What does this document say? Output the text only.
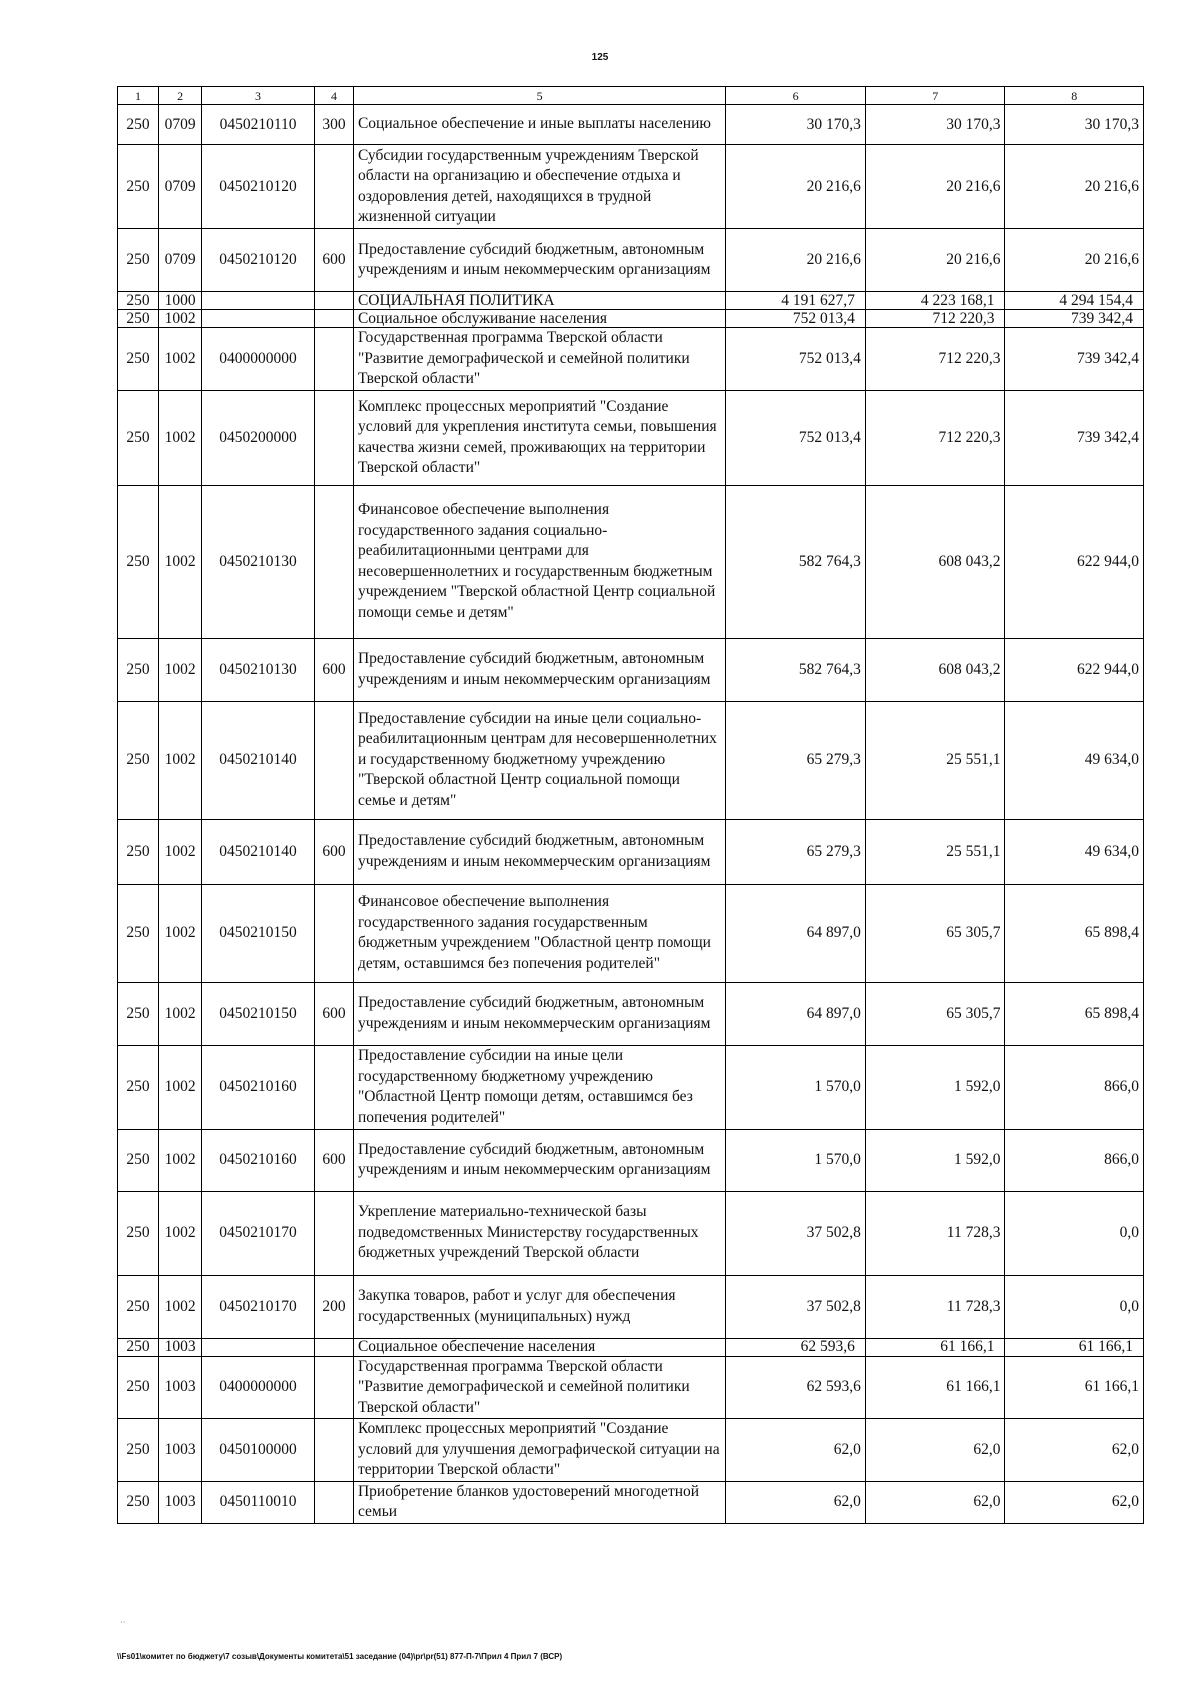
125
1	2	3	4	5	6	7	8
250	0709	0450210110	300	Социальное обеспечение и иные выплаты населению	30 170,3	30 170,3	30 170,3
250	0709	0450210120		Субсидии государственным учреждениям Тверской области на организацию и обеспечение отдыха и оздоровления детей, находящихся в трудной жизненной ситуации	20 216,6	20 216,6	20 216,6
250	0709	0450210120	600	Предоставление субсидий бюджетным, автономным учреждениям и иным некоммерческим организациям	20 216,6	20 216,6	20 216,6
250	1000			СОЦИАЛЬНАЯ ПОЛИТИКА	4 191 627,7	4 223 168,1	4 294 154,4
250	1002			Социальное обслуживание населения	752 013,4	712 220,3	739 342,4
250	1002	0400000000		Государственная программа Тверской области "Развитие демографической и семейной политики Тверской области"	752 013,4	712 220,3	739 342,4
250	1002	0450200000		Комплекс процессных мероприятий "Создание условий для укрепления института семьи, повышения качества жизни семей, проживающих на территории Тверской области"	752 013,4	712 220,3	739 342,4
250	1002	0450210130		Финансовое обеспечение выполнения государственного задания социально-реабилитационными центрами для несовершеннолетних и государственным бюджетным учреждением "Тверской областной Центр социальной помощи семье и детям"	582 764,3	608 043,2	622 944,0
250	1002	0450210130	600	Предоставление субсидий бюджетным, автономным учреждениям и иным некоммерческим организациям	582 764,3	608 043,2	622 944,0
250	1002	0450210140		Предоставление субсидии на иные цели социально-реабилитационным центрам для несовершеннолетних и государственному бюджетному учреждению "Тверской областной Центр социальной помощи семье и детям"	65 279,3	25 551,1	49 634,0
250	1002	0450210140	600	Предоставление субсидий бюджетным, автономным учреждениям и иным некоммерческим организациям	65 279,3	25 551,1	49 634,0
250	1002	0450210150		Финансовое обеспечение выполнения государственного задания государственным бюджетным учреждением "Областной центр помощи детям, оставшимся без попечения родителей"	64 897,0	65 305,7	65 898,4
250	1002	0450210150	600	Предоставление субсидий бюджетным, автономным учреждениям и иным некоммерческим организациям	64 897,0	65 305,7	65 898,4
250	1002	0450210160		Предоставление субсидии на иные цели государственному бюджетному учреждению "Областной Центр помощи детям, оставшимся без попечения родителей"	1 570,0	1 592,0	866,0
250	1002	0450210160	600	Предоставление субсидий бюджетным, автономным учреждениям и иным некоммерческим организациям	1 570,0	1 592,0	866,0
250	1002	0450210170		Укрепление материально-технической базы подведомственных Министерству государственных бюджетных учреждений Тверской области	37 502,8	11 728,3	0,0
250	1002	0450210170	200	Закупка товаров, работ и услуг для обеспечения государственных (муниципальных) нужд	37 502,8	11 728,3	0,0
250	1003			Социальное обеспечение населения	62 593,6	61 166,1	61 166,1
250	1003	0400000000		Государственная программа Тверской области "Развитие демографической и семейной политики Тверской области"	62 593,6	61 166,1	61 166,1
250	1003	0450100000		Комплекс процессных мероприятий "Создание условий для улучшения демографической ситуации на территории Тверской области"	62,0	62,0	62,0
250	1003	0450110010		Приобретение бланков удостоверений многодетной семьи	62,0	62,0	62,0
··
\\Fs01\комитет по бюджету\7 созыв\Документы комитета\51 заседание (04)\pr\pr(51) 877-П-7\Прил 4 Прил 7 (ВСР)
